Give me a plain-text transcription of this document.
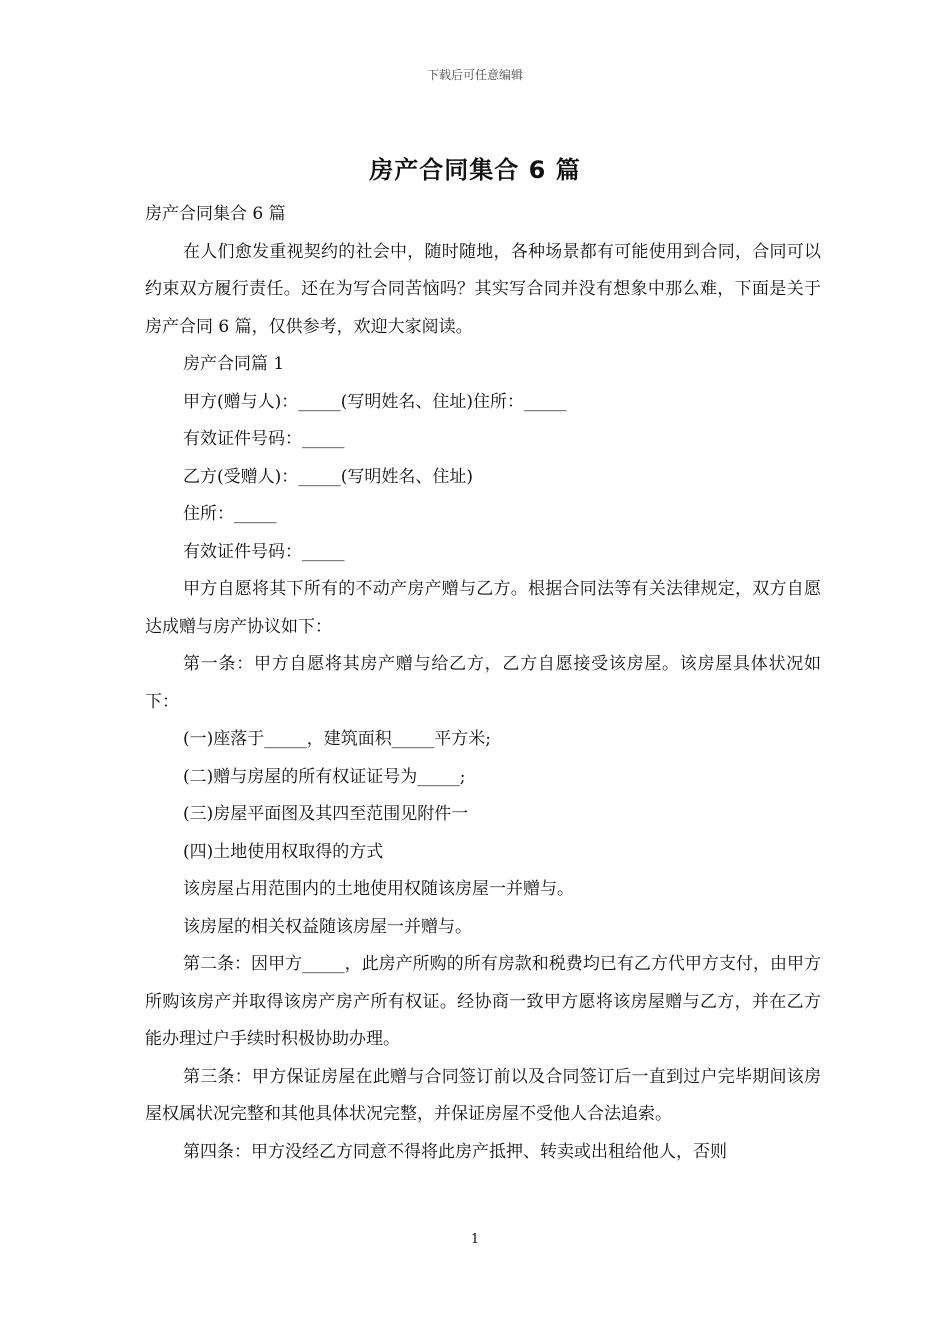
下载后可任意编辑
房产合同集合 6 篇

房产合同集合 6 篇

在人们愈发重视契约的社会中，随时随地，各种场景都有可能使用到合同，合同可以约束双方履行责任。还在为写合同苦恼吗？其实写合同并没有想象中那么难，下面是关于房产合同 6 篇，仅供参考，欢迎大家阅读。

房产合同篇 1

甲方(赠与人)：_____(写明姓名、住址)住所：_____

有效证件号码：_____

乙方(受赠人)：_____(写明姓名、住址)

住所：_____

有效证件号码：_____

甲方自愿将其下所有的不动产房产赠与乙方。根据合同法等有关法律规定，双方自愿达成赠与房产协议如下：

第一条：甲方自愿将其房产赠与给乙方，乙方自愿接受该房屋。该房屋具体状况如下：

(一)座落于_____，建筑面积_____平方米;

(二)赠与房屋的所有权证证号为_____;

(三)房屋平面图及其四至范围见附件一

(四)土地使用权取得的方式

该房屋占用范围内的土地使用权随该房屋一并赠与。

该房屋的相关权益随该房屋一并赠与。

第二条：因甲方_____，此房产所购的所有房款和税费均已有乙方代甲方支付，由甲方所购该房产并取得该房产房产所有权证。经协商一致甲方愿将该房屋赠与乙方，并在乙方能办理过户手续时积极协助办理。

第三条：甲方保证房屋在此赠与合同签订前以及合同签订后一直到过户完毕期间该房屋权属状况完整和其他具体状况完整，并保证房屋不受他人合法追索。

第四条：甲方没经乙方同意不得将此房产抵押、转卖或出租给他人，否则

1
